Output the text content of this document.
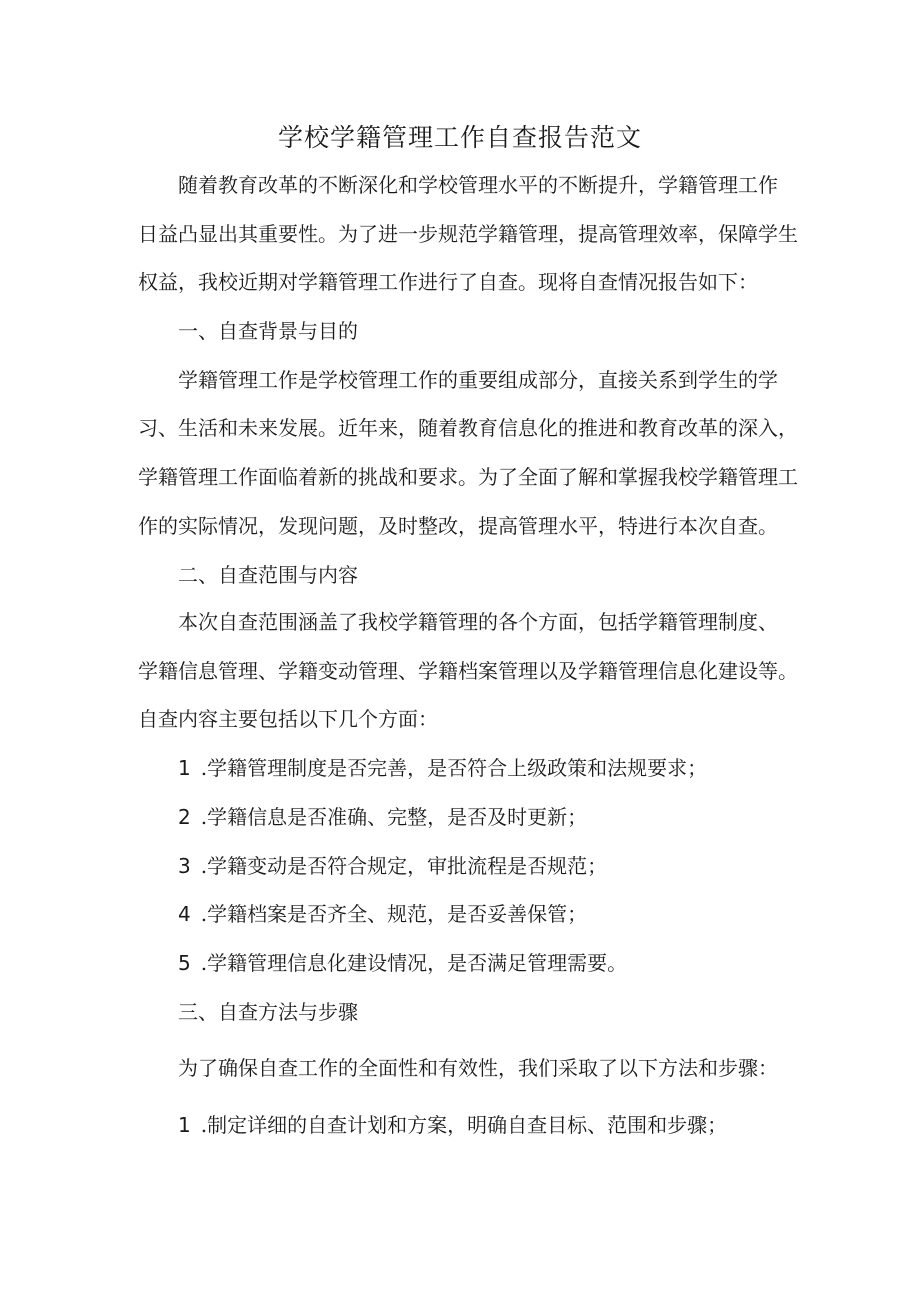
学校学籍管理工作自查报告范文
随着教育改革的不断深化和学校管理水平的不断提升，学籍管理工作
日益凸显出其重要性。为了进一步规范学籍管理，提高管理效率，保障学生
权益，我校近期对学籍管理工作进行了自查。现将自查情况报告如下：
一、自查背景与目的
学籍管理工作是学校管理工作的重要组成部分，直接关系到学生的学
习、生活和未来发展。近年来，随着教育信息化的推进和教育改革的深入，
学籍管理工作面临着新的挑战和要求。为了全面了解和掌握我校学籍管理工
作的实际情况，发现问题，及时整改，提高管理水平，特进行本次自查。
二、自查范围与内容
本次自查范围涵盖了我校学籍管理的各个方面，包括学籍管理制度、
学籍信息管理、学籍变动管理、学籍档案管理以及学籍管理信息化建设等。
自查内容主要包括以下几个方面：
1 .学籍管理制度是否完善，是否符合上级政策和法规要求；
2 .学籍信息是否准确、完整，是否及时更新；
3 .学籍变动是否符合规定，审批流程是否规范；
4 .学籍档案是否齐全、规范，是否妥善保管；
5 .学籍管理信息化建设情况，是否满足管理需要。
三、自查方法与步骤
为了确保自查工作的全面性和有效性，我们采取了以下方法和步骤：
1 .制定详细的自查计划和方案，明确自查目标、范围和步骤；
